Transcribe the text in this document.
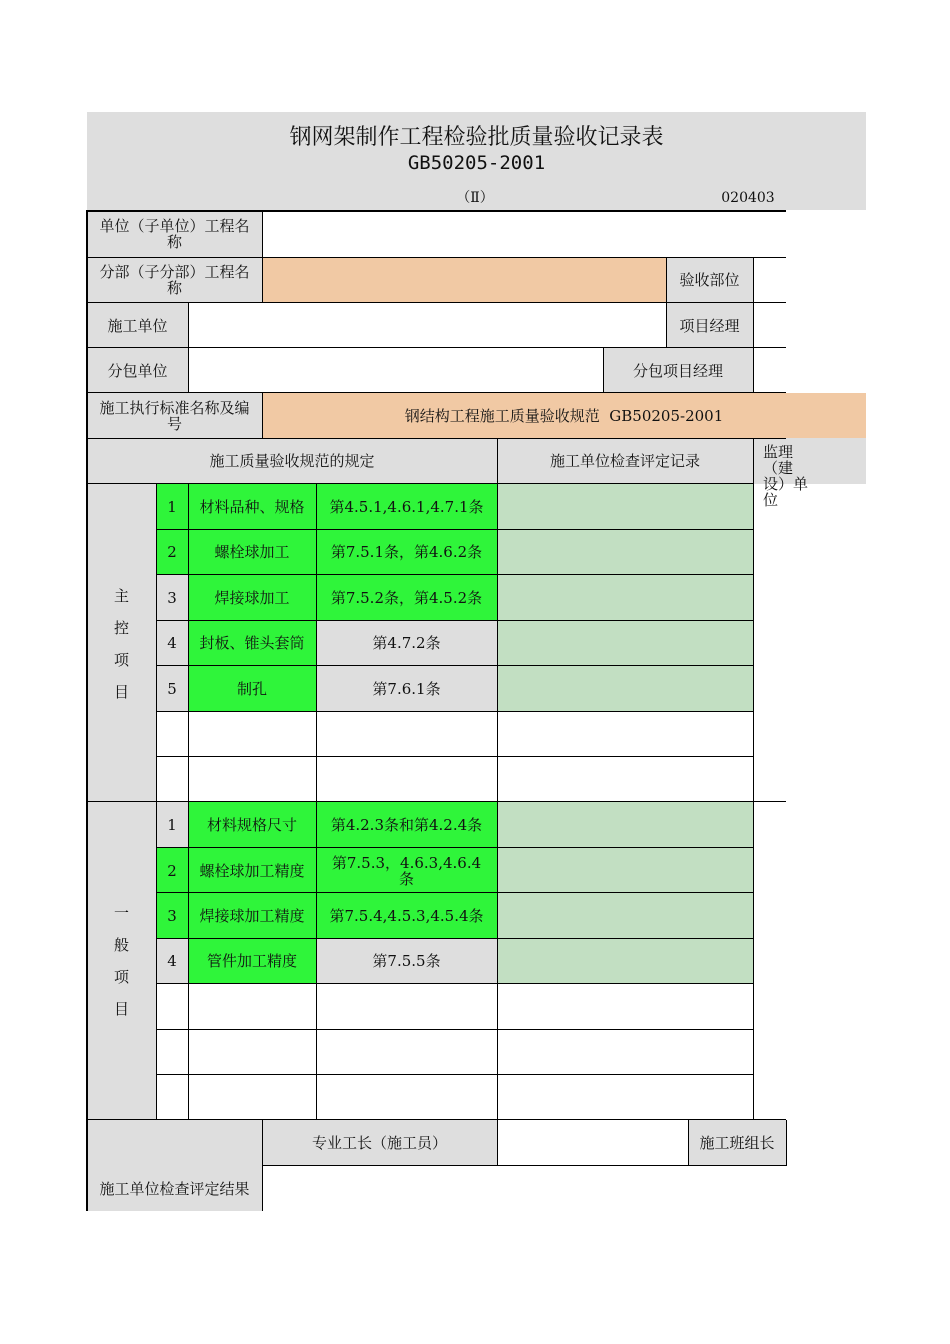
钢网架制作工程检验批质量验收记录表
GB50205-2001
（Ⅱ）	020403
单位（子单位）工程名称
分部（子分部）工程名称	验收部位
施工单位	项目经理
分包单位	分包项目经理
施工执行标准名称及编号	钢结构工程施工质量验收规范  GB50205-2001
施工质量验收规范的规定	施工单位检查评定记录	监理（建设）单位
主
控
项
目
1	材料品种、规格	第4.5.1,4.6.1,4.7.1条
2	螺栓球加工	第7.5.1条，第4.6.2条
3	焊接球加工	第7.5.2条，第4.5.2条
4	封板、锥头套筒	第4.7.2条
5	制孔	第7.6.1条
一
般
项
目
1	材料规格尺寸	第4.2.3条和第4.2.4条
2	螺栓球加工精度	第7.5.3，4.6.3,4.6.4条
3	焊接球加工精度	第7.5.4,4.5.3,4.5.4条
4	管件加工精度	第7.5.5条
施工单位检查评定结果
专业工长（施工员）	施工班组长
